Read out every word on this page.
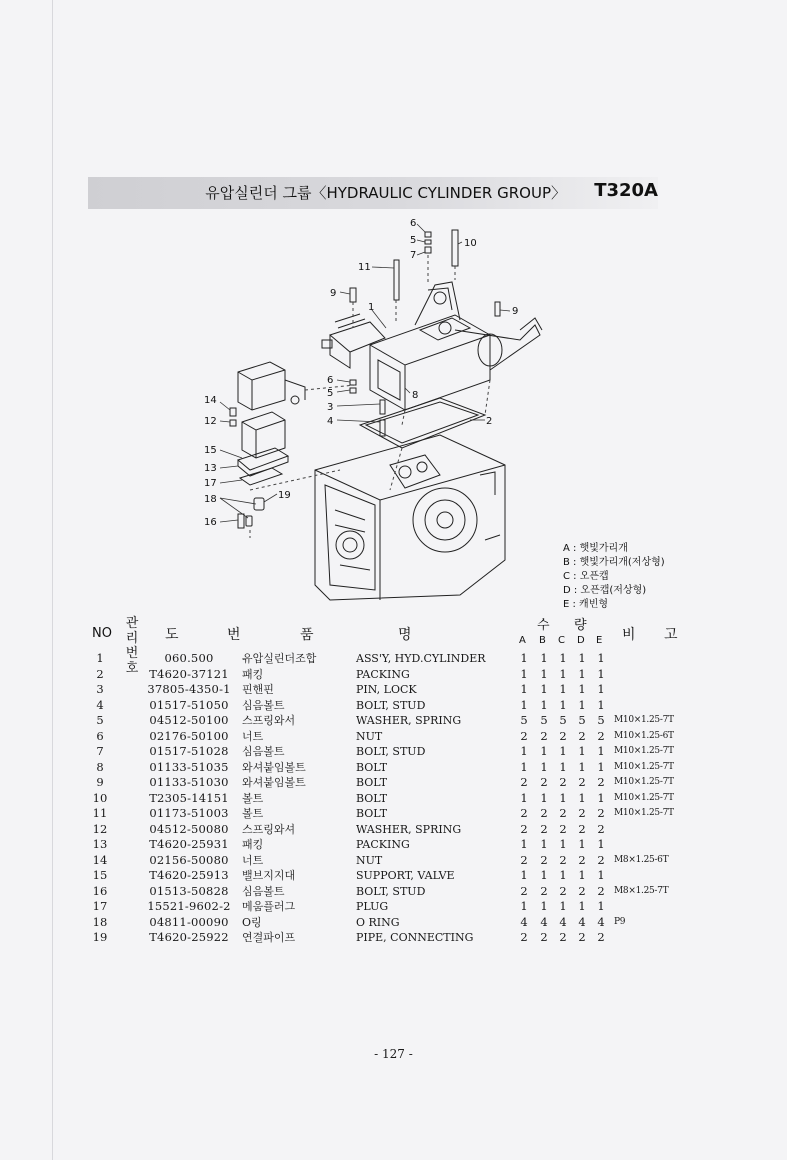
유압실린더 그룹〈HYDRAULIC CYLINDER GROUP〉 T320A
6
5
7
10
11
9
1	9
6
5
3
4
8
2
14
12
15
13
17
18	19
16
A : 햇빛가리개
B : 햇빛가리개(저상형)
C : 오픈캡
D : 오픈캡(저상형)
E : 캐빈형
NO
관 리
번 호
도 번	품	명
수 량
A B C D E 비 고
1	060.500	유압실린더조합	ASS'Y, HYD.CYLINDER	1 1 1 1 1
2	T4620-37121	패킹	PACKING	1 1 1 1 1
3	37805-4350-1	핀핸핀	PIN, LOCK	1 1 1 1 1
4	01517-51050	심음볼트	BOLT, STUD	1 1 1 1 1
5	04512-50100	스프링와서	WASHER, SPRING	5 5 5 5 5 M10×1.25-7T
6	02176-50100	너트	NUT	2 2 2 2 2 M10×1.25-6T
7	01517-51028	심음볼트	BOLT, STUD	1 1 1 1 1 M10×1.25-7T
8	01133-51035	와셔붙임볼트	BOLT	1 1 1 1 1 M10×1.25-7T
9	01133-51030	와셔붙임볼트	BOLT	2 2 2 2 2 M10×1.25-7T
10	T2305-14151	볼트	BOLT	1 1 1 1 1 M10×1.25-7T
11	01173-51003	볼트	BOLT	2 2 2 2 2 M10×1.25-7T
12	04512-50080	스프링와셔	WASHER, SPRING	2 2 2 2 2
13	T4620-25931	패킹	PACKING	1 1 1 1 1
14	02156-50080	너트	NUT	2 2 2 2 2 M8×1.25-6T
15	T4620-25913	밸브지지대	SUPPORT, VALVE	1 1 1 1 1
16	01513-50828	심음볼트	BOLT, STUD	2 2 2 2 2 M8×1.25-7T
17	15521-9602-2	메움플러그	PLUG	1 1 1 1 1
18	04811-00090	O링	O RING	4 4 4 4 4 P9
19	T4620-25922	연결파이프	PIPE, CONNECTING	2 2 2 2 2
- 127 -
